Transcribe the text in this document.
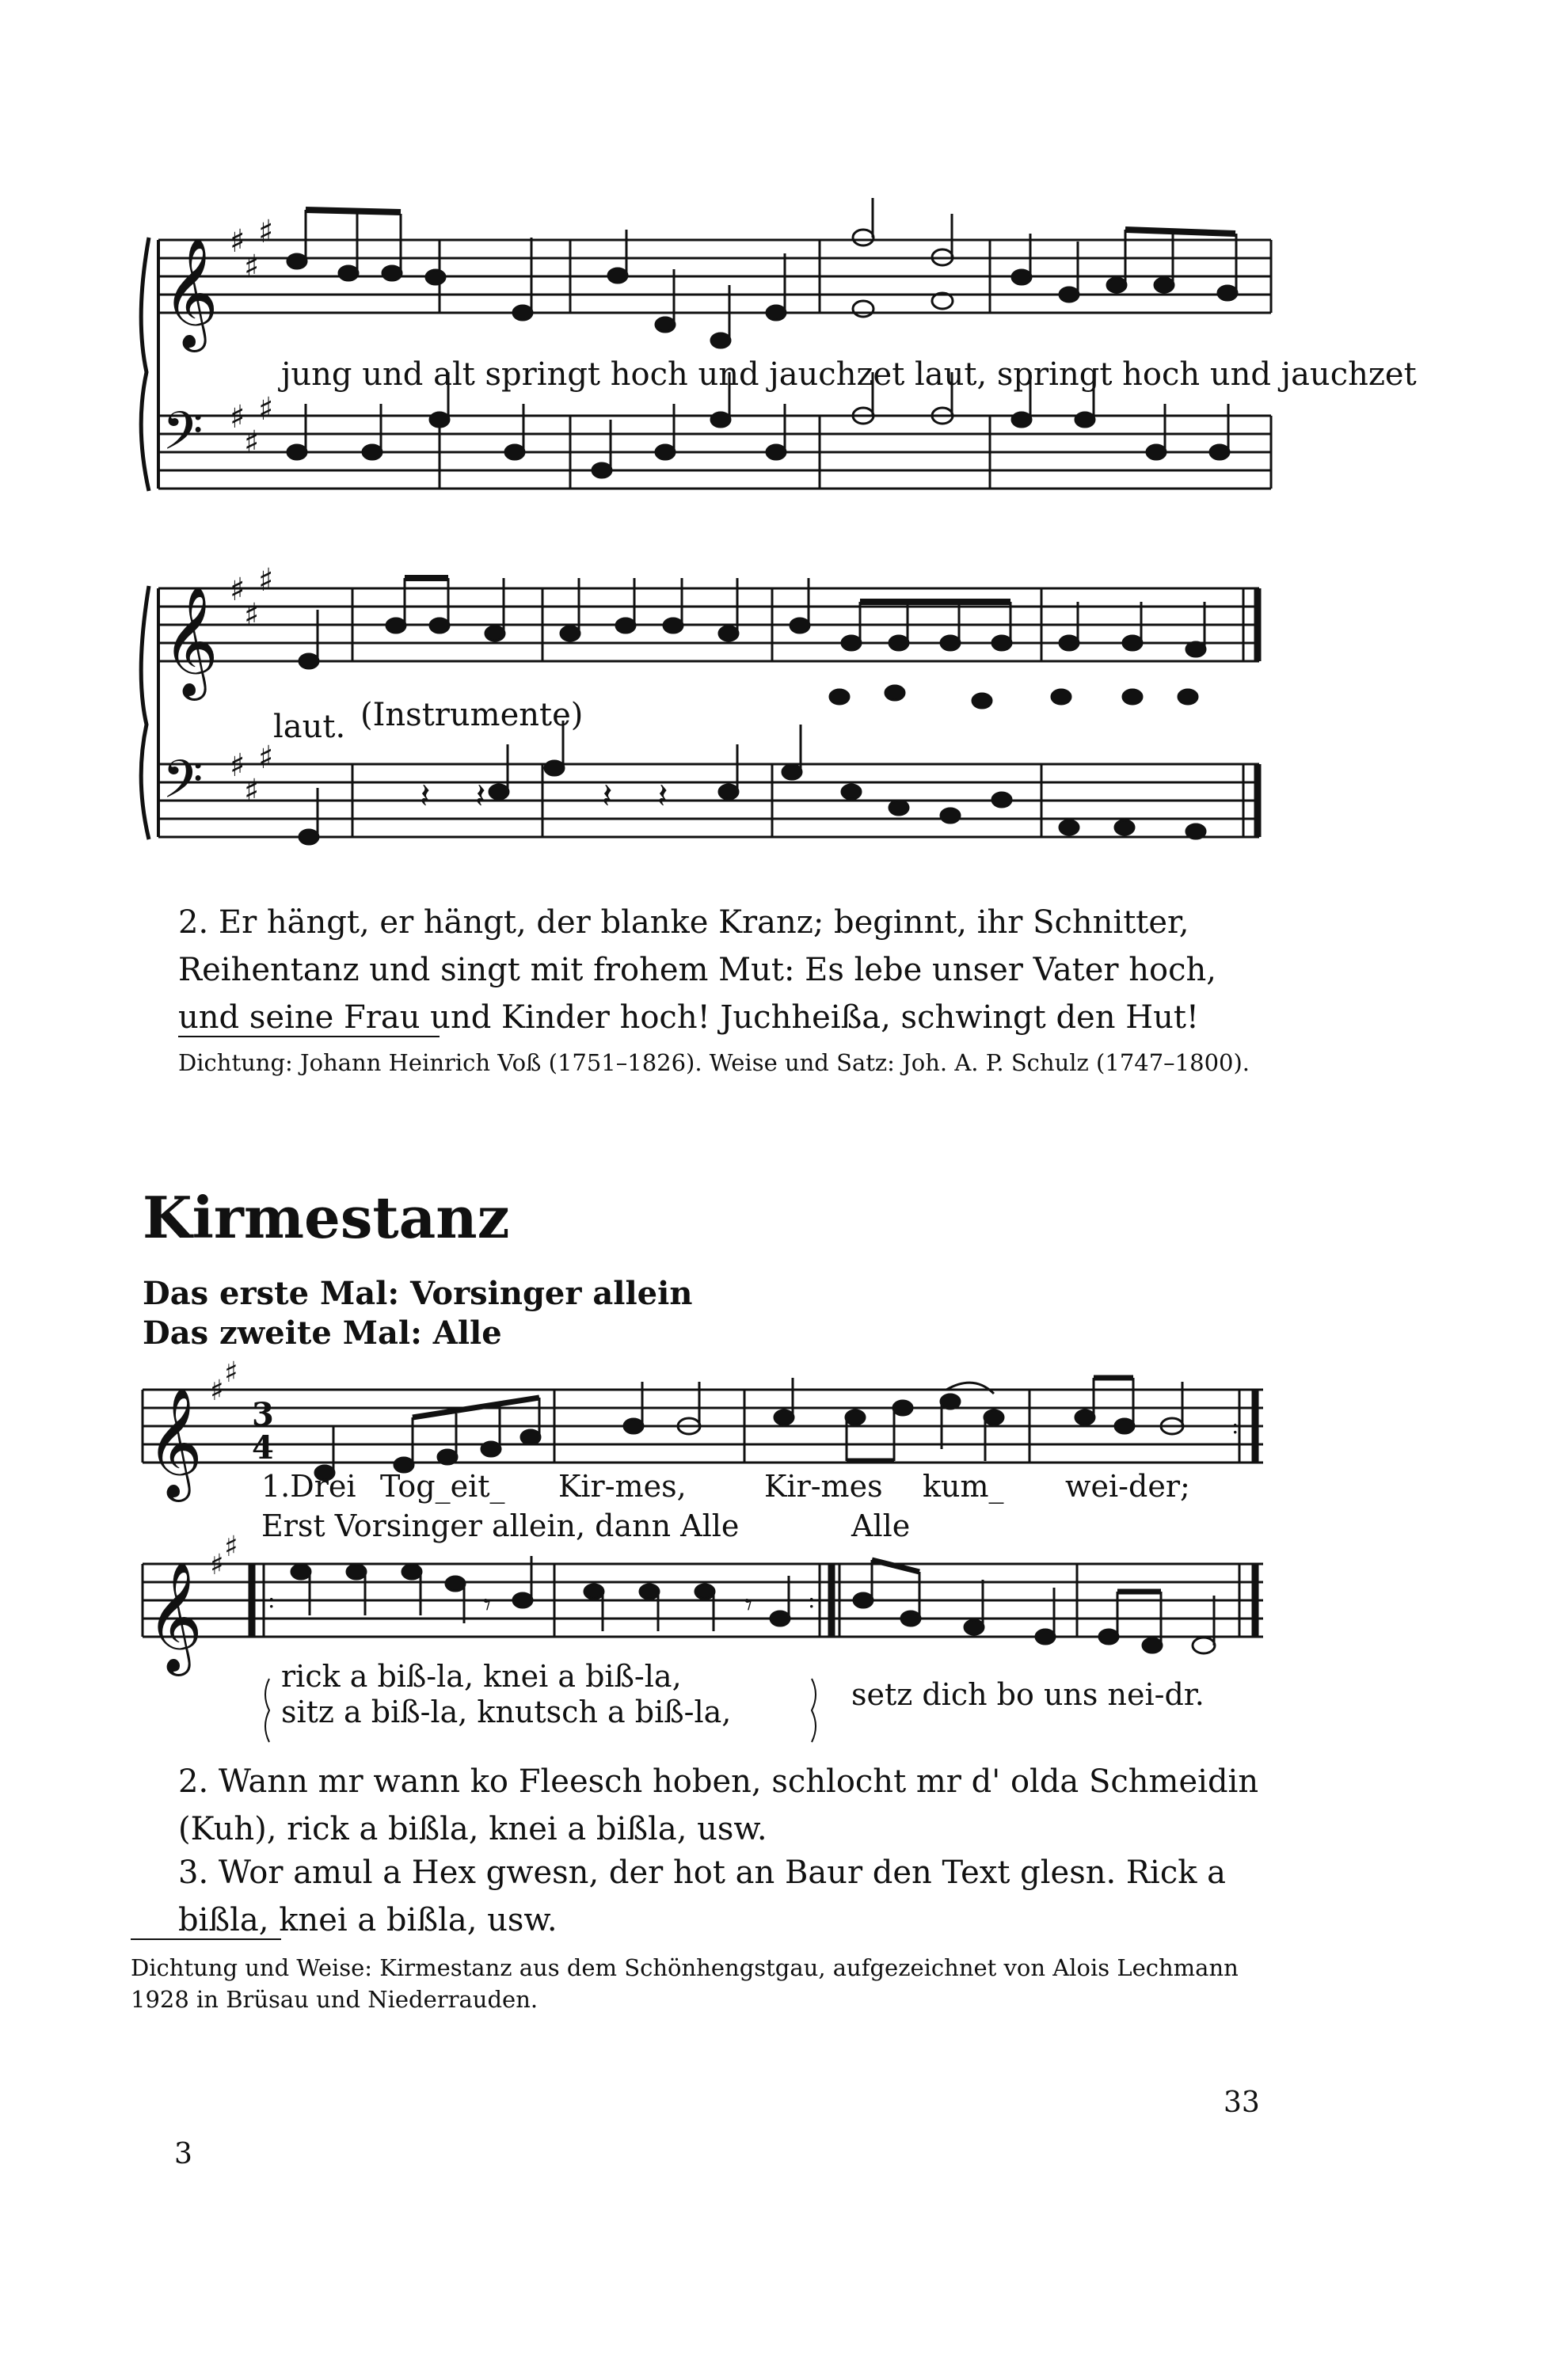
𝄞
𝄢
♯
♯
♯
♯
♯
♯
jung und alt springt hoch und jauchzet laut, springt hoch und jauchzet
𝄞
𝄢
♯
♯
♯
♯
♯
♯
𝄽 𝄽	𝄽 𝄽
laut. (Instrumente)
2. Er hängt, er hängt, der blanke Kranz; beginnt, ihr Schnitter, Reihentanz und singt mit frohem Mut: Es lebe unser Vater hoch, und seine Frau und Kinder hoch! Juchheißa, schwingt den Hut!
Dichtung: Johann Heinrich Voß (1751–1826). Weise und Satz: Joh. A. P. Schulz (1747–1800).
Kirmestanz
Das erste Mal: Vorsinger allein
Das zweite Mal: Alle
𝄞 ♯
♯
3
4
:
1.Drei Tog_eit_ Kir-mes,	Kir-mes kum_ wei-der;
Erst Vorsinger allein, dann Alle	Alle
𝄞 ♯
♯
:	:
𝄾	𝄾
rick a biß-la, knei a biß-la,
sitz a biß-la, knutsch a biß-la,	setz dich bo uns nei-dr.
2. Wann mr wann ko Fleesch hoben, schlocht mr d' olda Schmeidin (Kuh), rick a bißla, knei a bißla, usw.
3. Wor amul a Hex gwesn, der hot an Baur den Text glesn. Rick a bißla, knei a bißla, usw.
Dichtung und Weise: Kirmestanz aus dem Schönhengstgau, aufgezeichnet von Alois Lechmann 1928 in Brüsau und Niederrauden.
3
33
